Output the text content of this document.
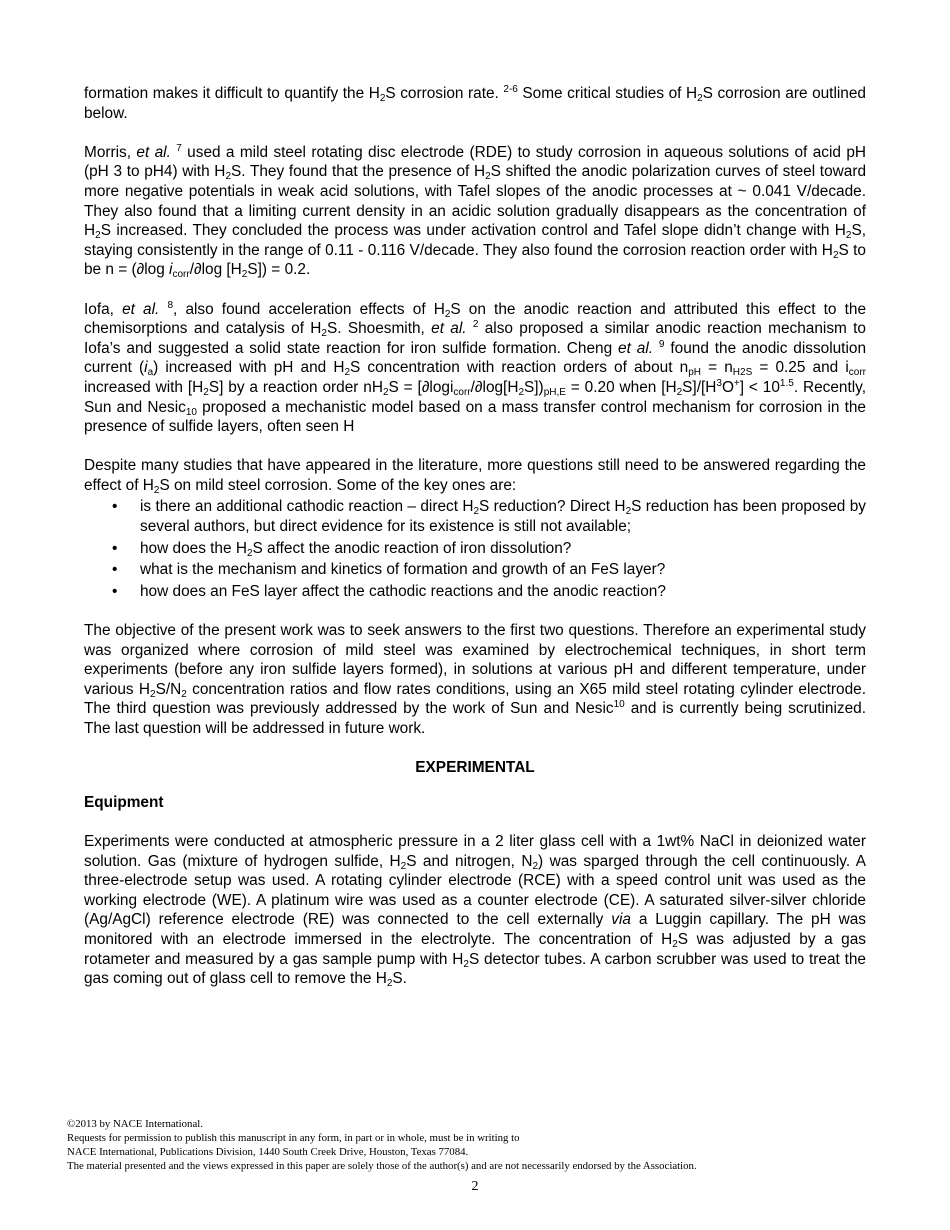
formation makes it difficult to quantify the $H_2S$ corrosion rate. $^{2-6}$ Some critical studies of $H_2S$ corrosion are outlined below.

Morris, et al. $^7$ used a mild steel rotating disc electrode (RDE) to study corrosion in aqueous solutions of acid pH (pH 3 to pH4) with $H_2S$. They found that the presence of $H_2S$ shifted the anodic polarization curves of steel toward more negative potentials in weak acid solutions, with Tafel slopes of the anodic processes at ~ 0.041 V/decade. They also found that a limiting current density in an acidic solution gradually disappears as the concentration of $H_2S$ increased. They concluded the process was under activation control and Tafel slope didn’t change with $H_2S$, staying consistently in the range of 0.11 - 0.116 V/decade. They also found the corrosion reaction order with $H_2S$ to be n = (∂log $i_{corr}/\partial\log$ $[H_2S]) = 0.2$.

Iofa, et al. $^8$, also found acceleration effects of $H_2S$ on the anodic reaction and attributed this effect to the chemisorptions and catalysis of $H_2S$. Shoesmith, et al. $^2$ also proposed a similar anodic reaction mechanism to Iofa’s and suggested a solid state reaction for iron sulfide formation. Cheng et al. $^9$ found the anodic dissolution current $(i_a)$ increased with pH and $H_2S$ concentration with reaction orders of about $n_{pH} = n_{H2S} = 0.25$ and $i_{corr}$ increased with $[H_2S]$ by a reaction order $nH_2S = [\partial\log i_{corr}/\partial\log[H_2S])_{pH,E} = 0.20$ when $[H_2S]/[H^3O^+] < 10^{1.5}$. Recently, Sun and Nesic$_{10}$ proposed a mechanistic model based on a mass transfer control mechanism for corrosion in the presence of sulfide layers, often seen H

Despite many studies that have appeared in the literature, more questions still need to be answered regarding the effect of $H_2S$ on mild steel corrosion. Some of the key ones are:

• is there an additional cathodic reaction – direct $H_2S$ reduction? Direct $H_2S$ reduction has been proposed by several authors, but direct evidence for its existence is still not available;
• how does the $H_2S$ affect the anodic reaction of iron dissolution?
• what is the mechanism and kinetics of formation and growth of an FeS layer?
• how does an FeS layer affect the cathodic reactions and the anodic reaction?

The objective of the present work was to seek answers to the first two questions. Therefore an experimental study was organized where corrosion of mild steel was examined by electrochemical techniques, in short term experiments (before any iron sulfide layers formed), in solutions at various pH and different temperature, under various $H_2S/N_2$ concentration ratios and flow rates conditions, using an X65 mild steel rotating cylinder electrode. The third question was previously addressed by the work of Sun and Nesic$^{10}$ and is currently being scrutinized. The last question will be addressed in future work.

EXPERIMENTAL
Equipment

Experiments were conducted at atmospheric pressure in a 2 liter glass cell with a 1wt% NaCl in deionized water solution. Gas (mixture of hydrogen sulfide, $H_2S$ and nitrogen, $N_2$) was sparged through the cell continuously. A three-electrode setup was used. A rotating cylinder electrode (RCE) with a speed control unit was used as the working electrode (WE). A platinum wire was used as a counter electrode (CE). A saturated silver-silver chloride (Ag/AgCl) reference electrode (RE) was connected to the cell externally via a Luggin capillary. The pH was monitored with an electrode immersed in the electrolyte. The concentration of $H_2S$ was adjusted by a gas rotameter and measured by a gas sample pump with $H_2S$ detector tubes. A carbon scrubber was used to treat the gas coming out of glass cell to remove the $H_2S$.

©2013 by NACE International.
Requests for permission to publish this manuscript in any form, in part or in whole, must be in writing to
NACE International, Publications Division, 1440 South Creek Drive, Houston, Texas 77084.
The material presented and the views expressed in this paper are solely those of the author(s) and are not necessarily endorsed by the Association.
2
